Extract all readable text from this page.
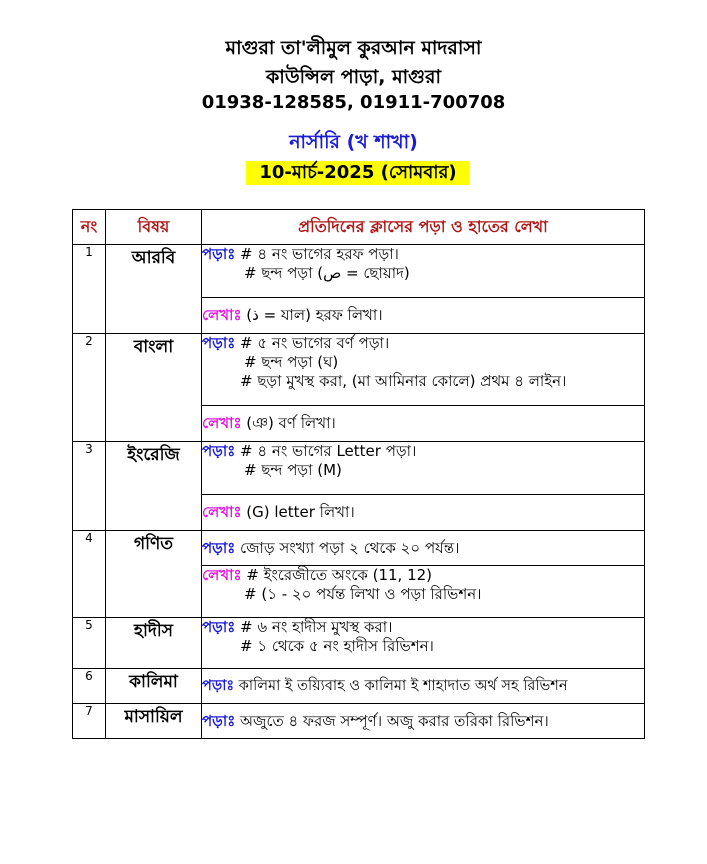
মাগুরা তা'লীমুল কুরআন মাদরাসা
কাউন্সিল পাড়া, মাগুরা
01938-128585, 01911-700708
নার্সারি (খ শাখা)
10-মার্চ-2025 (সোমবার)
নং	বিষয়	প্রতিদিনের ক্লাসের পড়া ও হাতের লেখা
1	আরবি	পড়াঃ # ৪ নং ভাগের হরফ পড়া।
# ছন্দ পড়া (ص = ছোয়াদ)

		লেখাঃ (ذ = যাল) হরফ লিখা।
2	বাংলা	পড়াঃ # ৫ নং ভাগের বর্ণ পড়া।
# ছন্দ পড়া (ঘ)
# ছড়া মুখস্থ করা, (মা আমিনার কোলে) প্রথম ৪ লাইন।

		লেখাঃ (ঞ) বর্ণ লিখা।
3	ইংরেজি	পড়াঃ # ৪ নং ভাগের Letter পড়া।
# ছন্দ পড়া (M)

		লেখাঃ (G) letter লিখা।
4	গণিত	পড়াঃ জোড় সংখ্যা পড়া ২ থেকে ২০ পর্যন্ত।

		লেখাঃ # ইংরেজীতে অংকে (11, 12)
# (১ - ২০ পর্যন্ত লিখা ও পড়া রিভিশন।

5	হাদীস	পড়াঃ # ৬ নং হাদীস মুখস্থ করা।
# ১ থেকে ৫ নং হাদীস রিভিশন।

6	কালিমা	পড়াঃ কালিমা ই তয়্যিবাহ ও কালিমা ই শাহাদাত অর্থ সহ রিভিশন
7	মাসায়িল	পড়াঃ অজুতে ৪ ফরজ সম্পূর্ণ। অজু করার তরিকা রিভিশন।
